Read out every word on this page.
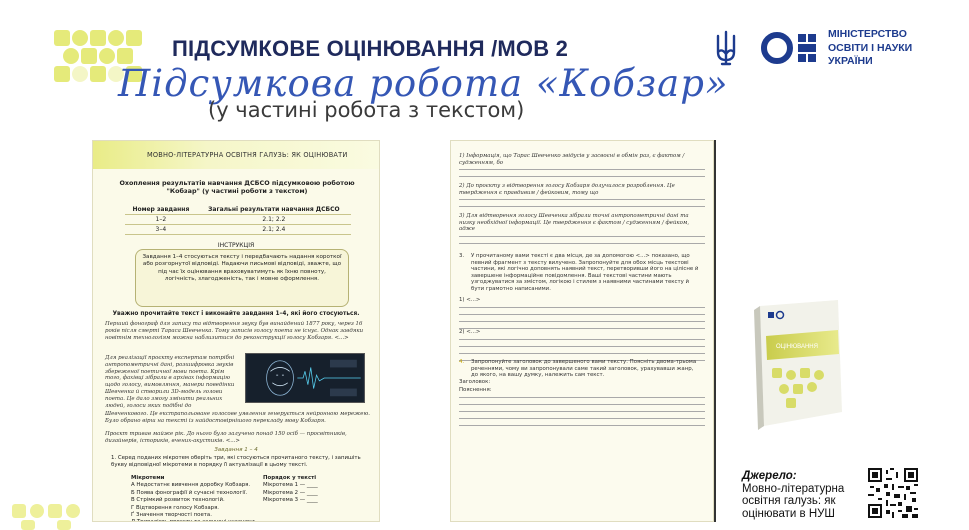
ПІДСУМКОВЕ ОЦІНЮВАННЯ /МОВ 2
Підсумкова робота «Кобзар»
(у частині робота з текстом)
МІНІСТЕРСТВО
ОСВІТИ І НАУКИ
УКРАЇНИ
МОВНО-ЛІТЕРАТУРНА ОСВІТНЯ ГАЛУЗЬ: ЯК ОЦІНЮВАТИ
Охоплення результатів навчання ДСБСО підсумковою роботою "Кобзар" (у частині роботи з текстом)
Номер завдання	Загальні результати навчання ДСБСО
1–2	2.1; 2.2
3–4	2.1; 2.4
ІНСТРУКЦІЯ
Завдання 1–4 стосуються тексту і передбачають надання короткої або розгорнутої відповіді. Надаючи письмові відповіді, зважте, що під час їх оцінювання враховуватимуть як їхню повноту, логічність, злагодженість, так і мовне оформлення.
Уважно прочитайте текст і виконайте завдання 1–4, які його стосуються.
Перший фонограф для запису та відтворення звуку був винайдений 1877 року, через 16 років після смерті Тараса Шевченка. Тому записів голосу поета не існує. Однак завдяки новітнім технологіям можна наблизитися до реконструкції голосу Кобзаря. <...>
Для реалізації проєкту експертам потрібні антропометричні дані, розшифровка звуків збереженої поетичної мови поета. Крім того, фахівці зібрали в архівах інформацію щодо голосу, вимовляння, манери поведінки Шевченка й створили 3D-модель голови поета. Це дало змогу змінити реальних людей, голоси яких подібні до
Шевченкового. Це екстрапольоване голосове уявлення генерується нейронною мережею. Було обрано вірш на тексті із найдостовірнішого перекладу мову Кобзаря.
Проєкт тривав майже рік. До нього було залучено понад 150 осіб — просвітників, дизайнерів, істориків, вчених-акустиків. <...>
Завдання 1 – 4
1. Серед поданих мікротем оберіть три, які стосуються прочитаного тексту, і запишіть букву відповідної мікротеми в порядку її актуалізації в цьому тексті.
Мікротеми
А Недостатнє вивчення доробку Кобзаря.
Б Поява фонографії й сучасні технології.
В Стрімкий розвиток технологій.
Г Відтворення голосу Кобзаря.
Ґ Значення творчості поета.
Порядок у тексті
Мікротема 1 — ____
Мікротема 2 — ____
Мікротема 3 — ____
1) Інформація, що Тарас Шевченко звідусів у засвоєні в обмін раз, є фактом / судженням, бо
2) До проєкту з відтворення голосу Кобзаря долучилося розроблення. Це твердження є правдивим / фейковим, тому що
3) Для відтворення голосу Шевченка зібрали точні антропометричні дані та низку необхідної інформації. Це твердження є фактом / судженням / фейком, адже
3.	У прочитаному вами тексті є два місця, де за допомогою <...> показано, що певний фрагмент з тексту вилучено. Запропонуйте для обох місць текстові частини, які логічно доповнять наявний текст, перетворивши його на цілісне й завершене інформаційне повідомлення. Ваші текстові частини мають узгоджуватися за змістом, логікою і стилем з наявними частинами тексту й бути грамотно написаними.
1) <...>
2) <...>
4.	Запропонуйте заголовок до завершеного вами тексту. Поясніть двома-трьома реченнями, чому ви запропонували саме такий заголовок, урахувавши жанр, до якого, на вашу думку, належить сам текст.
Заголовок:
Пояснення:
ОЦІНЮВАННЯ
Джерело:
Мовно-літературна
освітня галузь: як
оцінювати в НУШ
